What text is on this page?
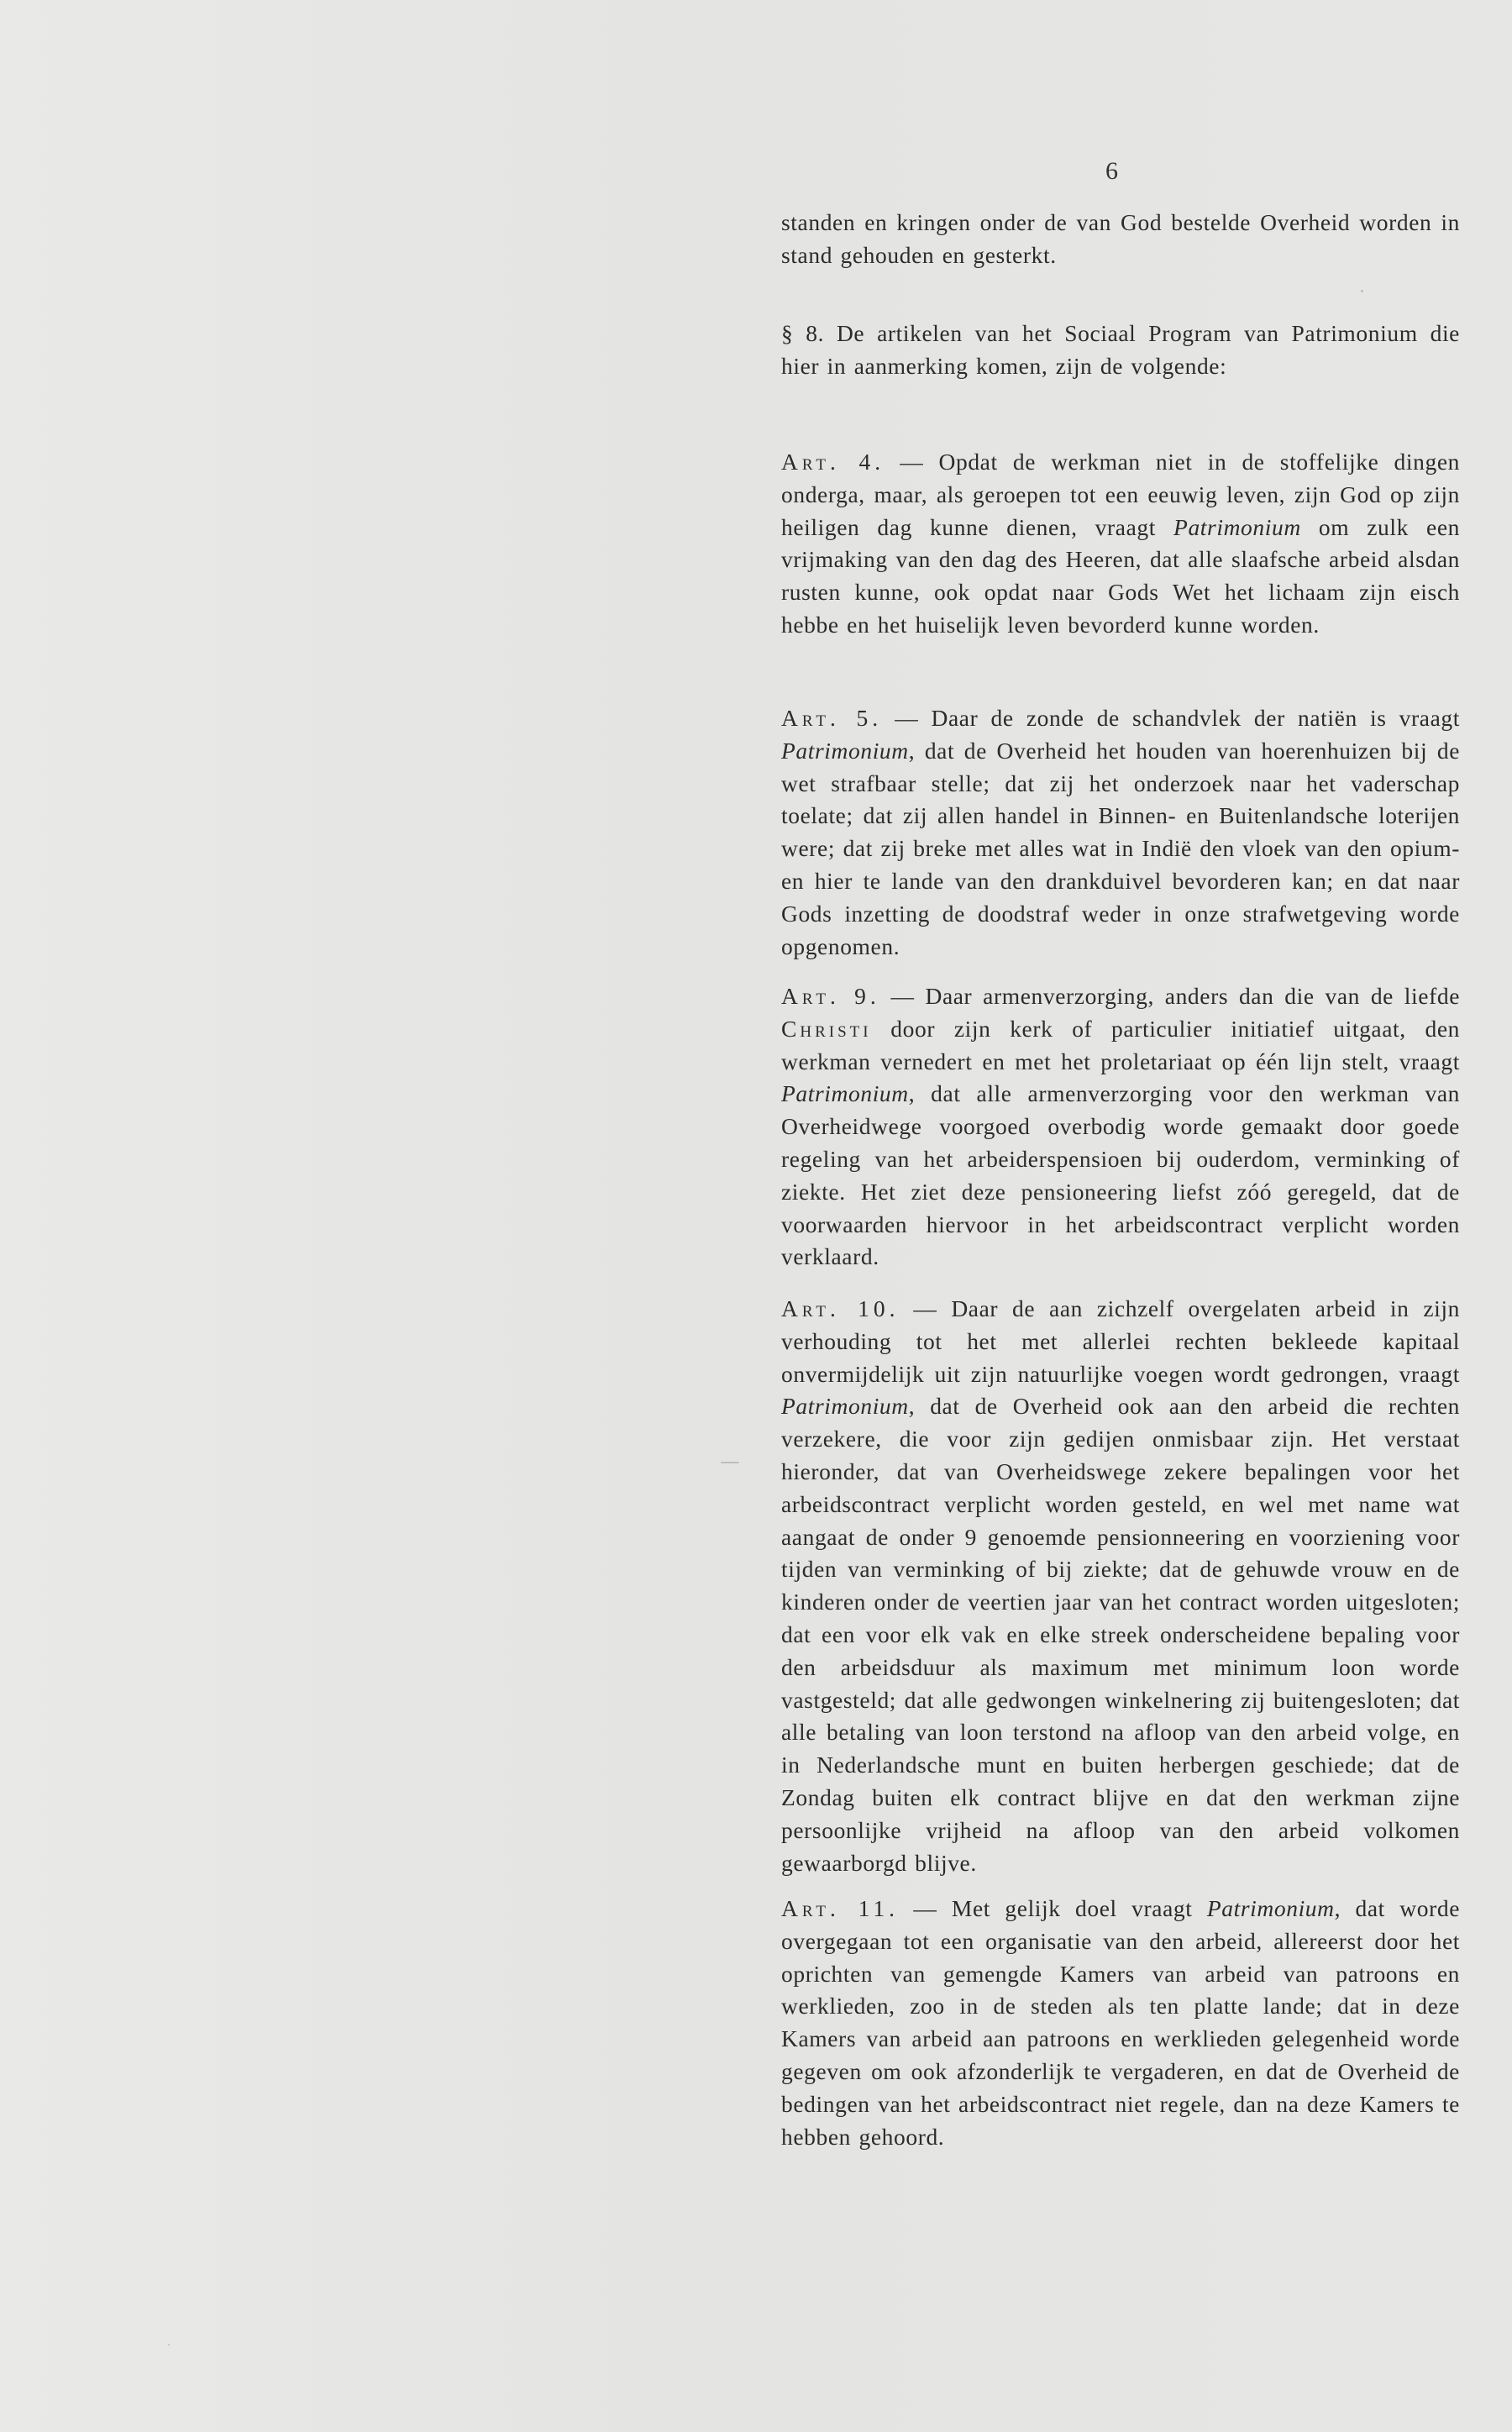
6

standen en kringen onder de van God bestelde Overheid worden in stand gehouden en gesterkt.

§ 8. De artikelen van het Sociaal Program van Patrimonium die hier in aanmerking komen, zijn de volgende:

Art. 4. — Opdat de werkman niet in de stoffelijke dingen onderga, maar, als geroepen tot een eeuwig leven, zijn God op zijn heiligen dag kunne dienen, vraagt Patrimonium om zulk een vrijmaking van den dag des Heeren, dat alle slaafsche arbeid alsdan rusten kunne, ook opdat naar Gods Wet het lichaam zijn eisch hebbe en het huiselijk leven bevorderd kunne worden.

Art. 5. — Daar de zonde de schandvlek der natiën is vraagt Patrimonium, dat de Overheid het houden van hoerenhuizen bij de wet strafbaar stelle; dat zij het onderzoek naar het vaderschap toelate; dat zij allen handel in Binnen- en Buitenlandsche loterijen were; dat zij breke met alles wat in Indië den vloek van den opium- en hier te lande van den drankduivel bevorderen kan; en dat naar Gods inzetting de doodstraf weder in onze strafwetgeving worde opgenomen.

Art. 9. — Daar armenverzorging, anders dan die van de liefde Christi door zijn kerk of particulier initiatief uitgaat, den werkman vernedert en met het proletariaat op één lijn stelt, vraagt Patrimonium, dat alle armenverzorging voor den werkman van Overheidwege voorgoed overbodig worde gemaakt door goede regeling van het arbeiderspensioen bij ouderdom, verminking of ziekte. Het ziet deze pensioneering liefst zóó geregeld, dat de voorwaarden hiervoor in het arbeidscontract verplicht worden verklaard.

Art. 10. — Daar de aan zichzelf overgelaten arbeid in zijn verhouding tot het met allerlei rechten bekleede kapitaal onvermijdelijk uit zijn natuurlijke voegen wordt gedrongen, vraagt Patrimonium, dat de Overheid ook aan den arbeid die rechten verzekere, die voor zijn gedijen onmisbaar zijn. Het verstaat hieronder, dat van Overheidswege zekere bepalingen voor het arbeidscontract verplicht worden gesteld, en wel met name wat aangaat de onder 9 genoemde pensionneering en voorziening voor tijden van verminking of bij ziekte; dat de gehuwde vrouw en de kinderen onder de veertien jaar van het contract worden uitgesloten; dat een voor elk vak en elke streek onderscheidene bepaling voor den arbeidsduur als maximum met minimum loon worde vastgesteld; dat alle gedwongen winkelnering zij buitengesloten; dat alle betaling van loon terstond na afloop van den arbeid volge, en in Nederlandsche munt en buiten herbergen geschiede; dat de Zondag buiten elk contract blijve en dat den werkman zijne persoonlijke vrijheid na afloop van den arbeid volkomen gewaarborgd blijve.

Art. 11. — Met gelijk doel vraagt Patrimonium, dat worde overgegaan tot een organisatie van den arbeid, allereerst door het oprichten van gemengde Kamers van arbeid van patroons en werklieden, zoo in de steden als ten platte lande; dat in deze Kamers van arbeid aan patroons en werklieden gelegenheid worde gegeven om ook afzonderlijk te vergaderen, en dat de Overheid de bedingen van het arbeidscontract niet regele, dan na deze Kamers te hebben gehoord.
